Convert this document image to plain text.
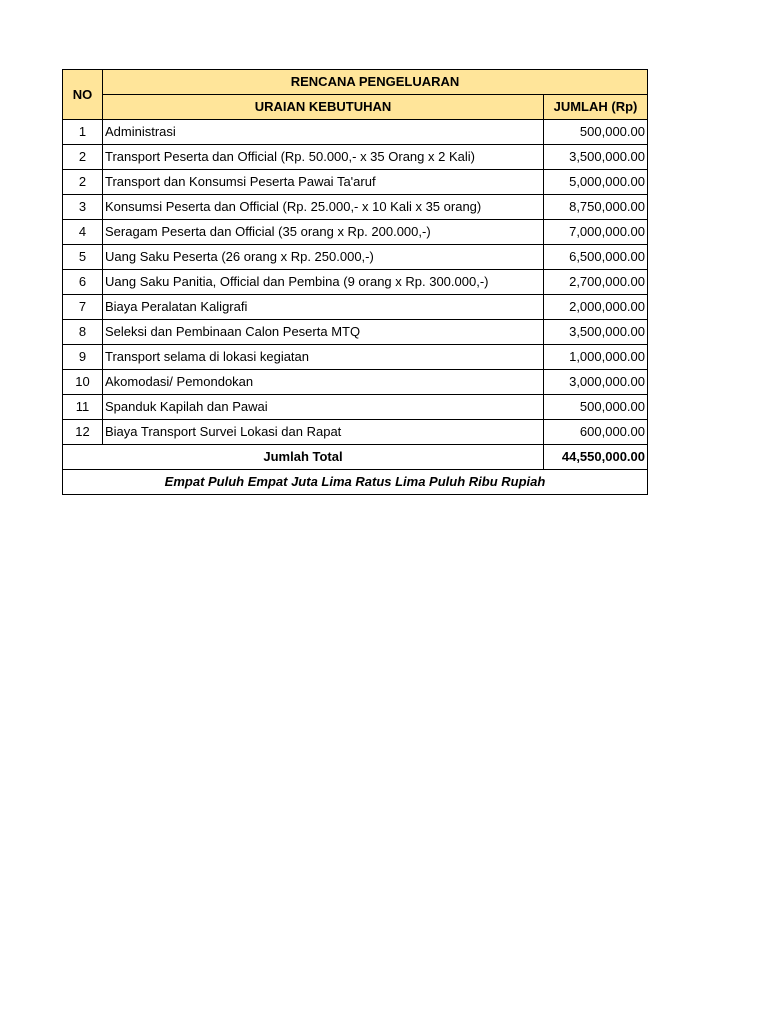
NO	RENCANA PENGELUARAN	
	URAIAN KEBUTUHAN	JUMLAH (Rp)
1	Administrasi	500,000.00
2	Transport Peserta dan Official (Rp. 50.000,- x 35 Orang x 2 Kali)	3,500,000.00
2	Transport dan Konsumsi Peserta Pawai Ta'aruf	5,000,000.00
3	Konsumsi Peserta dan Official (Rp. 25.000,- x 10 Kali x 35 orang)	8,750,000.00
4	Seragam Peserta dan Official (35 orang x Rp. 200.000,-)	7,000,000.00
5	Uang Saku Peserta (26 orang x Rp. 250.000,-)	6,500,000.00
6	Uang Saku Panitia, Official dan Pembina (9 orang x Rp. 300.000,-)	2,700,000.00
7	Biaya Peralatan Kaligrafi	2,000,000.00
8	Seleksi dan Pembinaan Calon Peserta MTQ	3,500,000.00
9	Transport selama di lokasi kegiatan	1,000,000.00
10	Akomodasi/ Pemondokan	3,000,000.00
11	Spanduk Kapilah dan Pawai	500,000.00
12	Biaya Transport Survei Lokasi dan Rapat	600,000.00
Jumlah Total		44,550,000.00
Empat Puluh Empat Juta Lima Ratus Lima Puluh Ribu Rupiah		
